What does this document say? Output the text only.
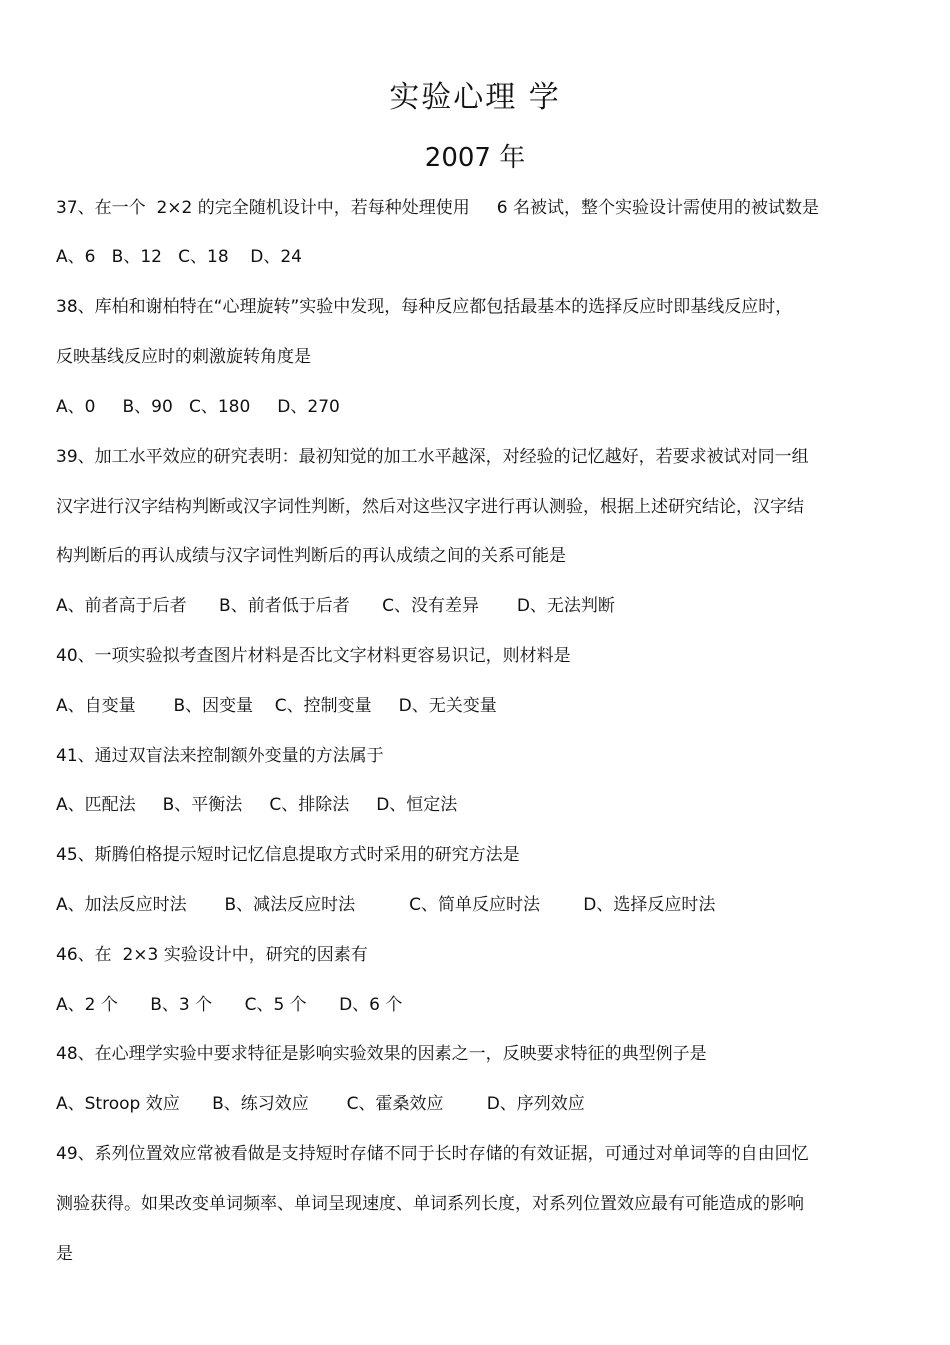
实验心理 学
2007 年
37、在一个  2×2 的完全随机设计中，若每种处理使用     6 名被试，整个实验设计需使用的被试数是
A、6   B、12   C、18    D、24
38、库柏和谢柏特在“心理旋转”实验中发现，每种反应都包括最基本的选择反应时即基线反应时，
反映基线反应时的刺激旋转角度是
A、0     B、90   C、180     D、270
39、加工水平效应的研究表明：最初知觉的加工水平越深，对经验的记忆越好，若要求被试对同一组
汉字进行汉字结构判断或汉字词性判断，然后对这些汉字进行再认测验，根据上述研究结论，汉字结
构判断后的再认成绩与汉字词性判断后的再认成绩之间的关系可能是
A、前者高于后者      B、前者低于后者      C、没有差异       D、无法判断
40、一项实验拟考查图片材料是否比文字材料更容易识记，则材料是
A、自变量       B、因变量    C、控制变量     D、无关变量
41、通过双盲法来控制额外变量的方法属于
A、匹配法     B、平衡法     C、排除法     D、恒定法
45、斯腾伯格提示短时记忆信息提取方式时采用的研究方法是
A、加法反应时法       B、减法反应时法          C、简单反应时法        D、选择反应时法
46、在  2×3 实验设计中，研究的因素有
A、2 个      B、3 个      C、5 个      D、6 个
48、在心理学实验中要求特征是影响实验效果的因素之一，反映要求特征的典型例子是
A、Stroop 效应      B、练习效应       C、霍桑效应        D、序列效应
49、系列位置效应常被看做是支持短时存储不同于长时存储的有效证据，可通过对单词等的自由回忆
测验获得。如果改变单词频率、单词呈现速度、单词系列长度，对系列位置效应最有可能造成的影响
是
